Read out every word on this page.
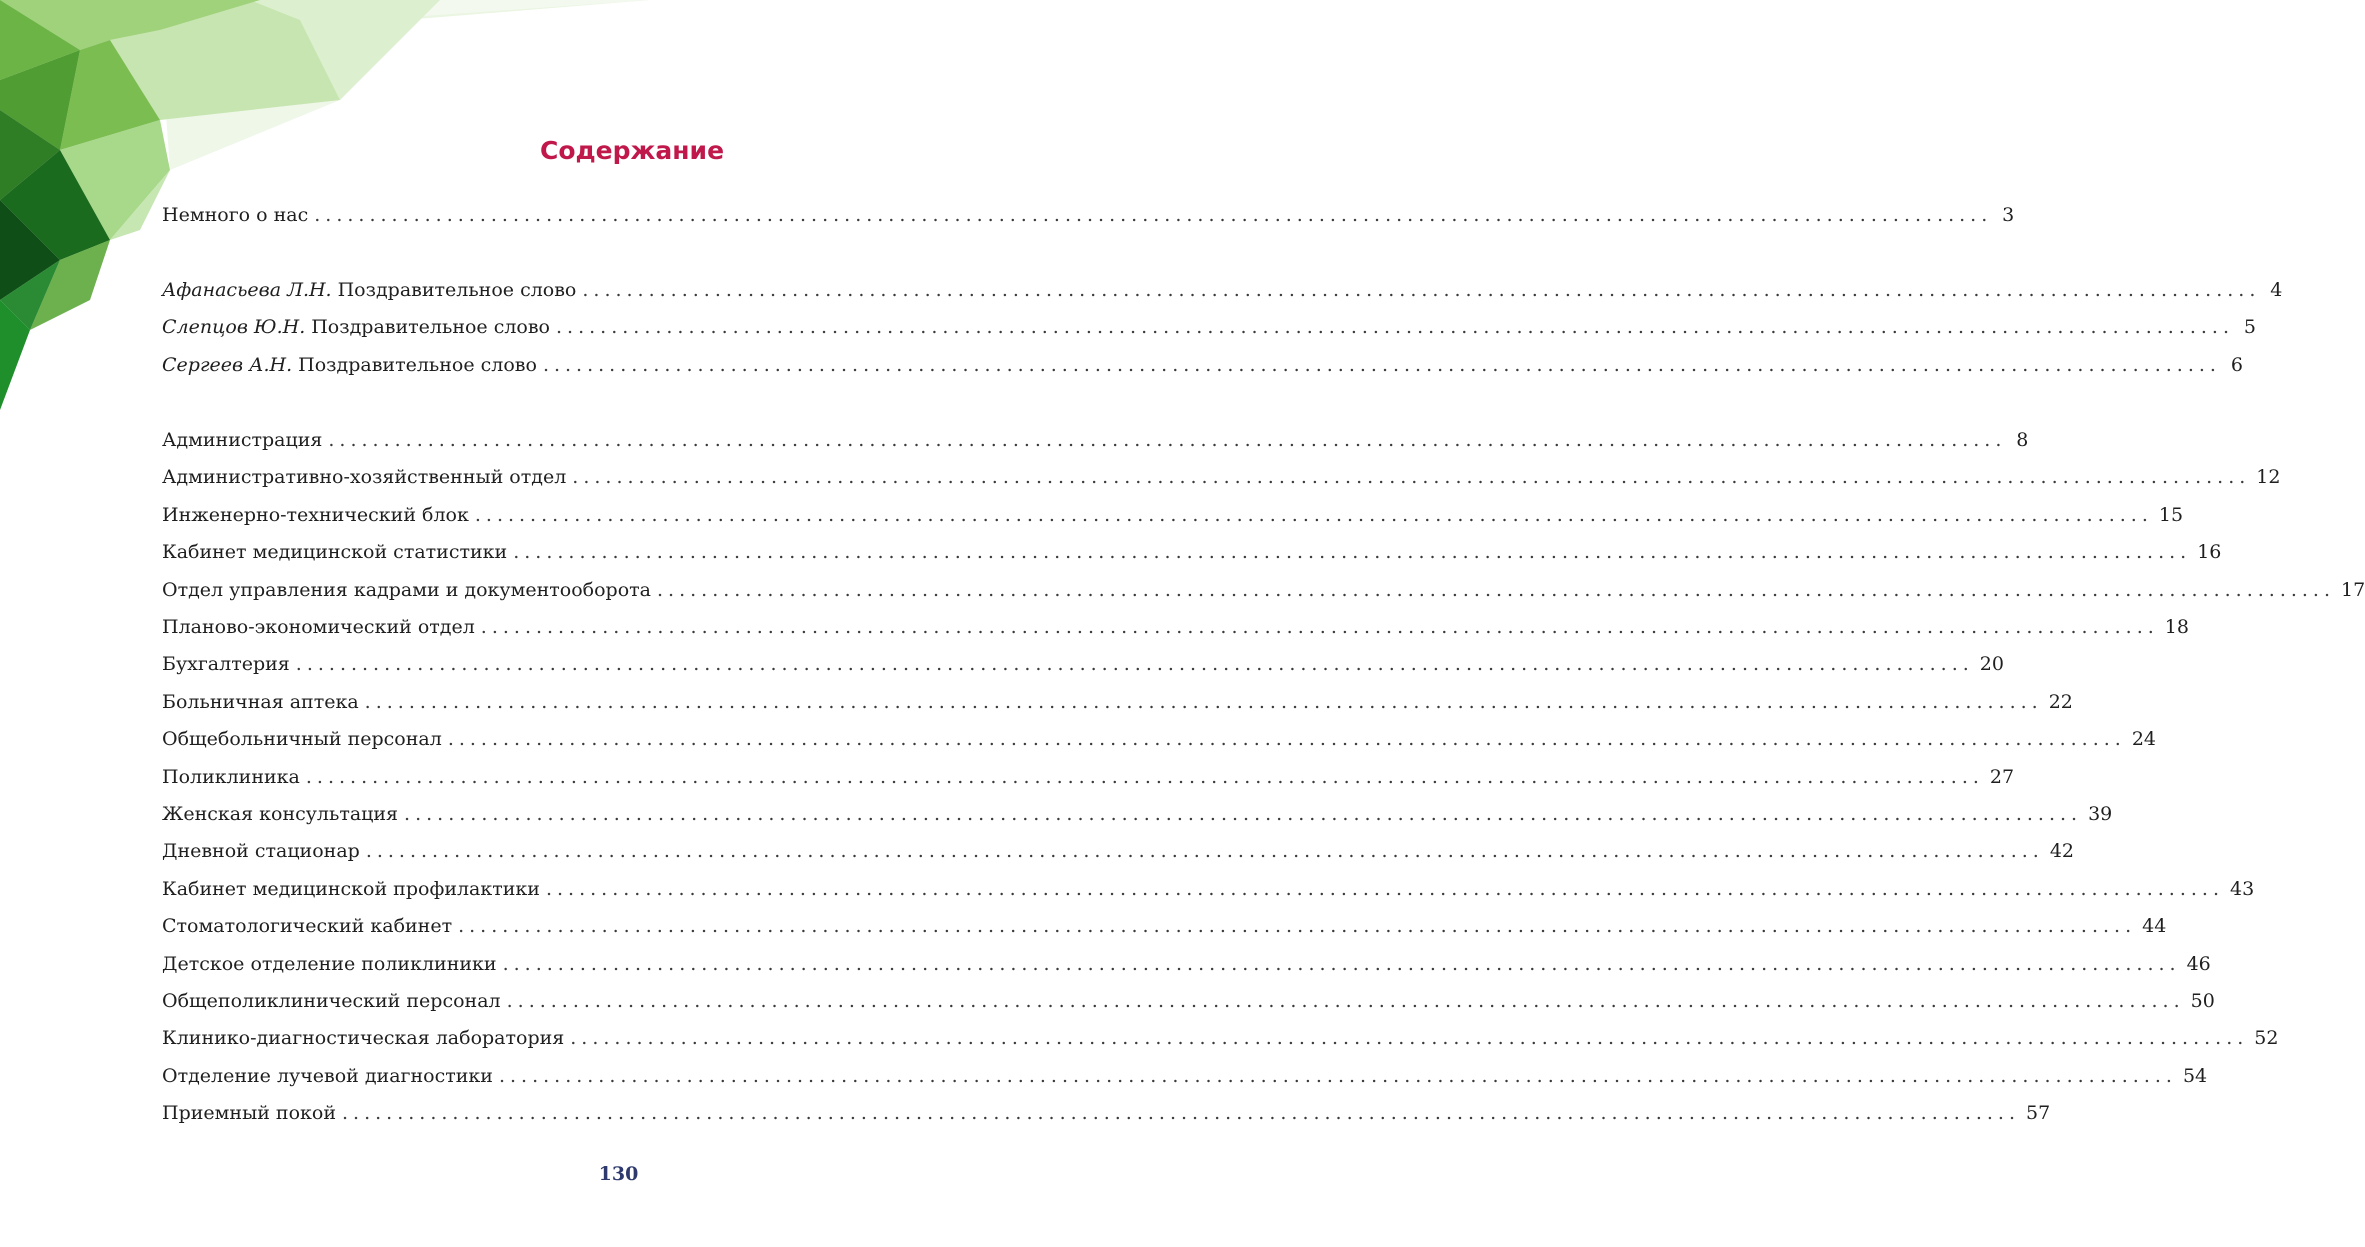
Содержание
Немного о нас ........................................................................................................................................................ 3
Афанасьева Л.Н. Поздравительное слово ........................................................................................................................................................ 4
Слепцов Ю.Н. Поздравительное слово ........................................................................................................................................................ 5
Сергеев А.Н. Поздравительное слово ........................................................................................................................................................ 6
Администрация ........................................................................................................................................................ 8
Административно-хозяйственный отдел ........................................................................................................................................................ 12
Инженерно-технический блок ........................................................................................................................................................ 15
Кабинет медицинской статистики ........................................................................................................................................................ 16
Отдел управления кадрами и документооборота ........................................................................................................................................................ 17
Планово-экономический отдел ........................................................................................................................................................ 18
Бухгалтерия ........................................................................................................................................................ 20
Больничная аптека ........................................................................................................................................................ 22
Общебольничный персонал ........................................................................................................................................................ 24
Поликлиника ........................................................................................................................................................ 27
Женская консультация ........................................................................................................................................................ 39
Дневной стационар ........................................................................................................................................................ 42
Кабинет медицинской профилактики ........................................................................................................................................................ 43
Стоматологический кабинет ........................................................................................................................................................ 44
Детское отделение поликлиники ........................................................................................................................................................ 46
Общеполиклинический персонал ........................................................................................................................................................ 50
Клинико-диагностическая лаборатория ........................................................................................................................................................ 52
Отделение лучевой диагностики ........................................................................................................................................................ 54
Приемный покой ........................................................................................................................................................ 57
130
